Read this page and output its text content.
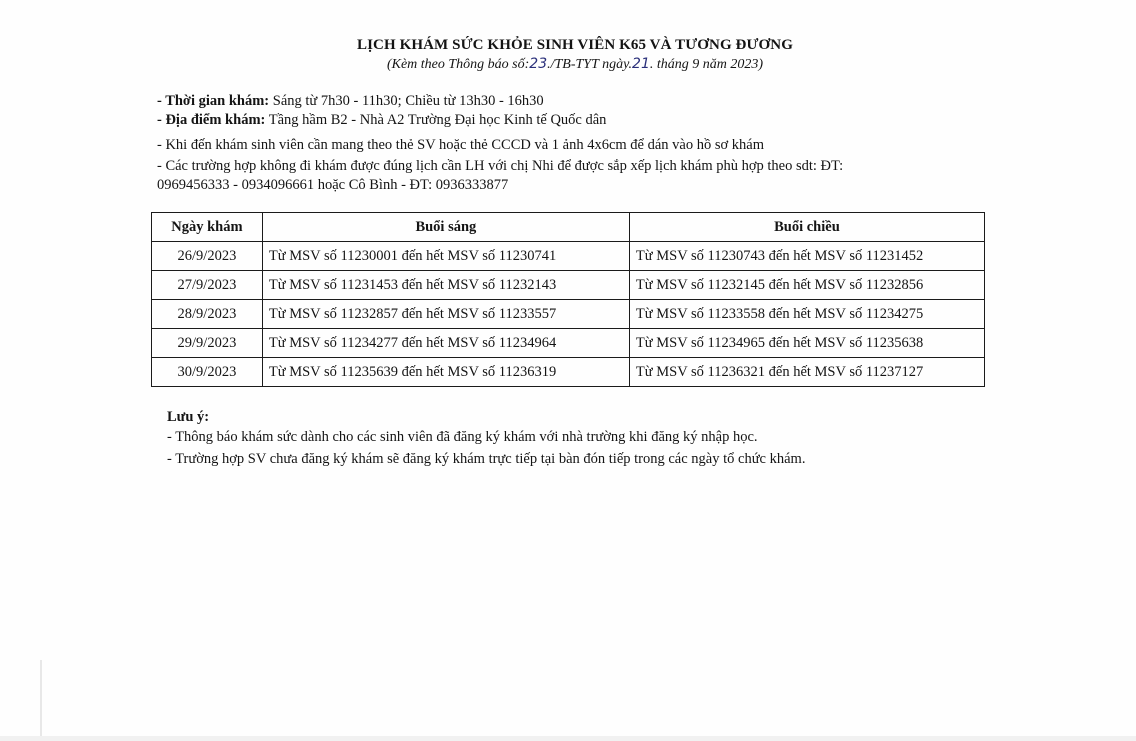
LỊCH KHÁM SỨC KHỎE SINH VIÊN K65 VÀ TƯƠNG ĐƯƠNG
(Kèm theo Thông báo số:23./TB-TYT ngày.21. tháng 9 năm 2023)
- Thời gian khám: Sáng từ 7h30 - 11h30; Chiều từ 13h30 - 16h30
- Địa điểm khám: Tầng hầm B2 - Nhà A2 Trường Đại học Kinh tế Quốc dân
- Khi đến khám sinh viên cần mang theo thẻ SV hoặc thẻ CCCD và 1 ảnh 4x6cm để dán vào hồ sơ khám
- Các trường hợp không đi khám được đúng lịch cần LH với chị Nhi để được sắp xếp lịch khám phù hợp theo sdt: ĐT:
0969456333 - 0934096661 hoặc Cô Bình - ĐT: 0936333877
Ngày khám	Buổi sáng	Buổi chiều
26/9/2023	Từ MSV số 11230001 đến hết MSV số 11230741	Từ MSV số 11230743 đến hết MSV số 11231452
27/9/2023	Từ MSV số 11231453 đến hết MSV số 11232143	Từ MSV số 11232145 đến hết MSV số 11232856
28/9/2023	Từ MSV số 11232857 đến hết MSV số 11233557	Từ MSV số 11233558 đến hết MSV số 11234275
29/9/2023	Từ MSV số 11234277 đến hết MSV số 11234964	Từ MSV số 11234965 đến hết MSV số 11235638
30/9/2023	Từ MSV số 11235639 đến hết MSV số 11236319	Từ MSV số 11236321 đến hết MSV số 11237127
Lưu ý:
- Thông báo khám sức dành cho các sinh viên đã đăng ký khám với nhà trường khi đăng ký nhập học.
- Trường hợp SV chưa đăng ký khám sẽ đăng ký khám trực tiếp tại bàn đón tiếp trong các ngày tổ chức khám.
